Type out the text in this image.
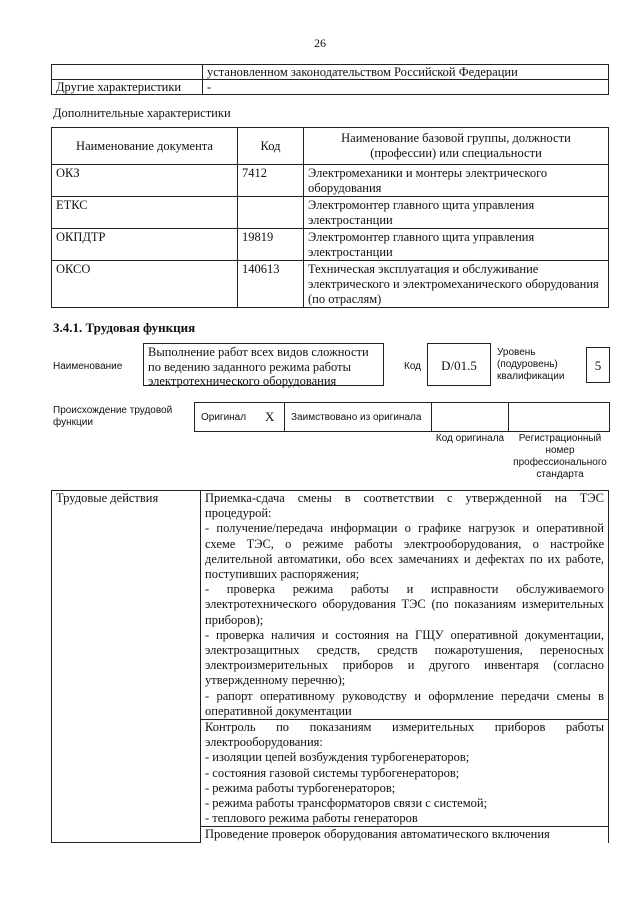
26
	установленном законодательством Российской Федерации
Другие характеристики	-
Дополнительные характеристики
Наименование документа	Код	Наименование базовой группы, должности (профессии) или специальности
ОКЗ	7412	Электромеханики и монтеры электрического оборудования
ЕТКС		Электромонтер главного щита управления электростанции
ОКПДТР	19819	Электромонтер главного щита управления электростанции
ОКСО	140613	Техническая эксплуатация и обслуживание электрического и электромеханического оборудования (по отраслям)
3.4.1. Трудовая функция
Наименование
Выполнение работ всех видов сложности по ведению заданного режима работы электротехнического оборудования
Код	D/01.5
Уровень (подуровень) квалификации
5
Происхождение трудовой функции	Оригинал X Заимствовано из оригинала
Код оригинала	Регистрационный номер профессионального стандарта
Трудовые действия	Приемка-сдача смены в соответствии с утвержденной на ТЭС процедурой:

- получение/передача информации о графике нагрузок и оперативной схеме ТЭС, о режиме работы электрооборудования, о настройке делительной автоматики, обо всех замечаниях и дефектах по их работе, поступивших распоряжения;

- проверка режима работы и исправности обслуживаемого электротехнического оборудования ТЭС (по показаниям измерительных приборов);

- проверка наличия и состояния на ГЩУ оперативной документации, электрозащитных средств, средств пожаротушения, переносных электроизмерительных приборов и другого инвентаря (согласно утвержденному перечню);

- рапорт оперативному руководству и оформление передачи смены в оперативной документации

Контроль по показаниям измерительных приборов работы электрооборудования:

- изоляции цепей возбуждения турбогенераторов;

- состояния газовой системы турбогенераторов;

- режима работы турбогенераторов;

- режима работы трансформаторов связи с системой;

- теплового режима работы генераторов

Проведение проверок оборудования автоматического включения
